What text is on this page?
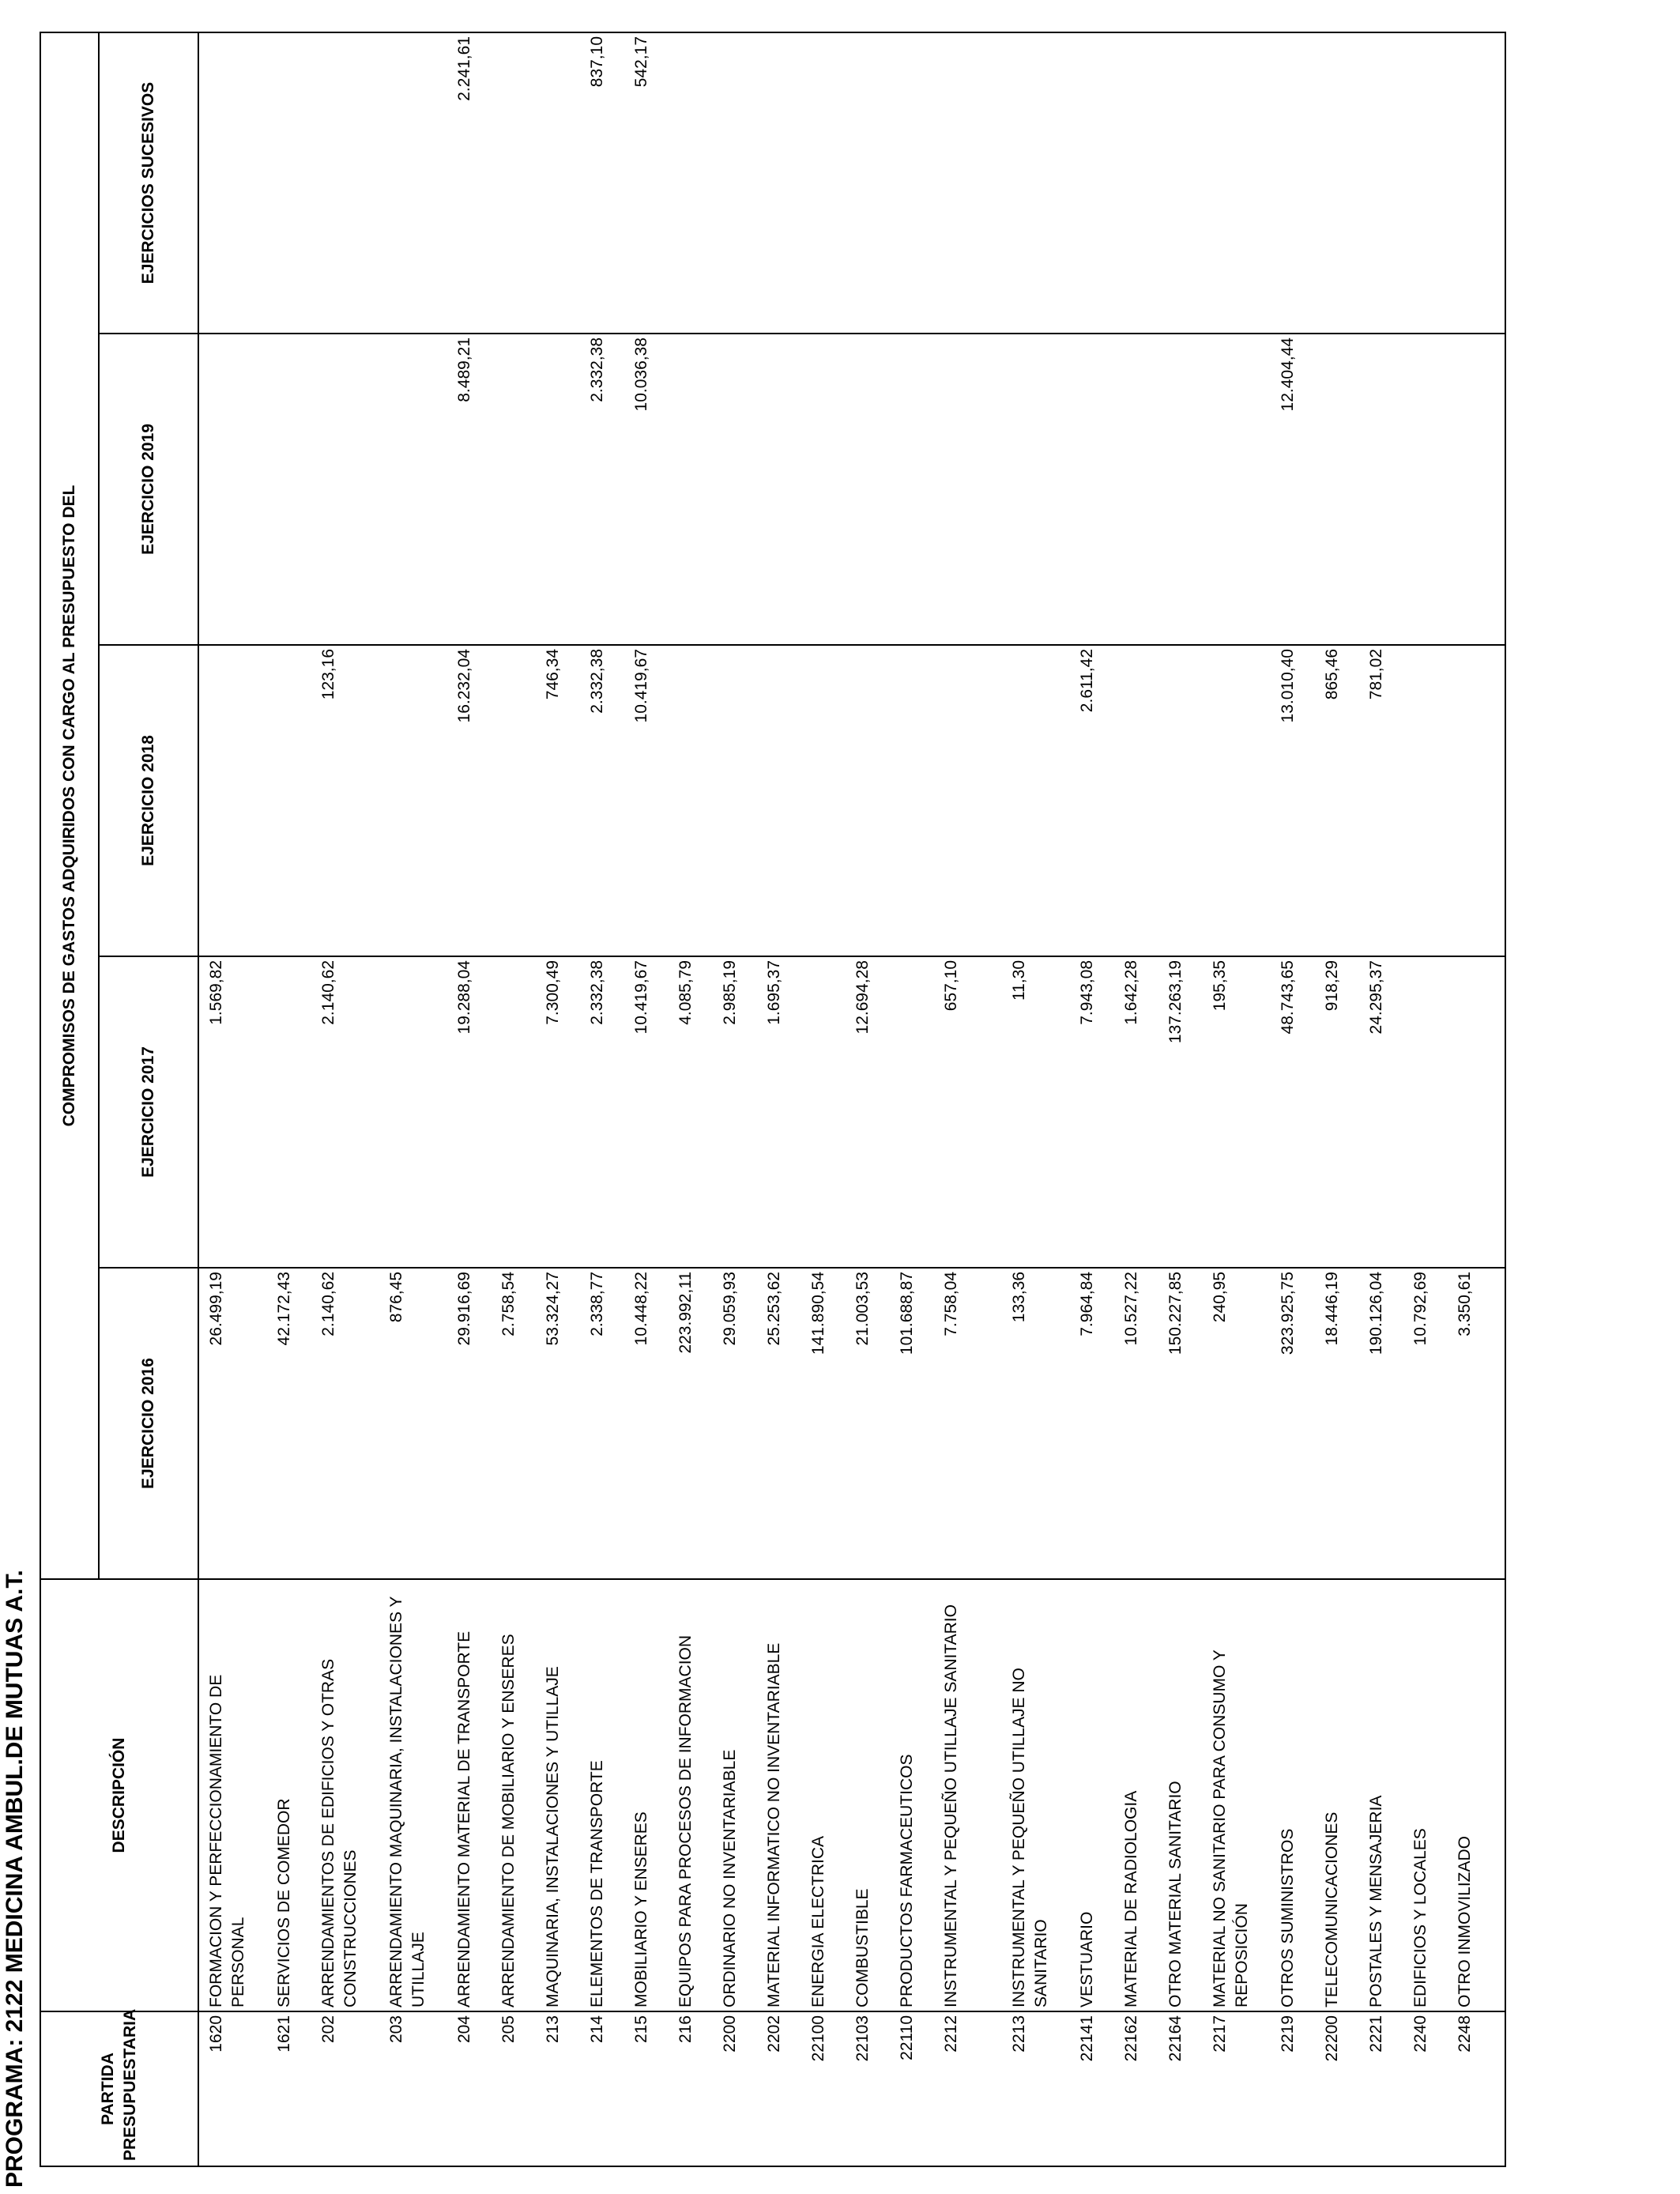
PROGRAMA: 2122 MEDICINA AMBUL.DE MUTUAS A.T.	PARTIDA PRESUPUESTARIA	DESCRIPCIÓN	COMPROMISOS DE GASTOS ADQUIRIDOS CON CARGO AL PRESUPUESTO DEL				
		EJERCICIO 2016	EJERCICIO 2017	EJERCICIO 2018	EJERCICIO 2019	EJERCICIOS SUCESIVOS
1620	FORMACION Y PERFECCIONAMIENTO DE PERSONAL	26.499,19	1.569,82			
1621	SERVICIOS DE COMEDOR	42.172,43				
202	ARRENDAMIENTOS DE EDIFICIOS Y OTRAS CONSTRUCCIONES	2.140,62	2.140,62	123,16		
203	ARRENDAMIENTO MAQUINARIA, INSTALACIONES Y UTILLAJE	876,45				
204	ARRENDAMIENTO MATERIAL DE TRANSPORTE	29.916,69	19.288,04	16.232,04	8.489,21	2.241,61
205	ARRENDAMIENTO DE MOBILIARIO Y ENSERES	2.758,54				
213	MAQUINARIA, INSTALACIONES Y UTILLAJE	53.324,27	7.300,49	746,34		
214	ELEMENTOS DE TRANSPORTE	2.338,77	2.332,38	2.332,38	2.332,38	837,10
215	MOBILIARIO Y ENSERES	10.448,22	10.419,67	10.419,67	10.036,38	542,17
216	EQUIPOS PARA PROCESOS DE INFORMACION	223.992,11	4.085,79			
2200	ORDINARIO NO INVENTARIABLE	29.059,93	2.985,19			
2202	MATERIAL INFORMATICO NO INVENTARIABLE	25.253,62	1.695,37			
22100	ENERGIA ELECTRICA	141.890,54				
22103	COMBUSTIBLE	21.003,53	12.694,28			
22110	PRODUCTOS FARMACEUTICOS	101.688,87				
2212	INSTRUMENTAL Y PEQUEÑO UTILLAJE SANITARIO	7.758,04	657,10			
2213	INSTRUMENTAL Y PEQUEÑO UTILLAJE NO SANITARIO	133,36	11,30			
22141	VESTUARIO	7.964,84	7.943,08	2.611,42		
22162	MATERIAL DE RADIOLOGIA	10.527,22	1.642,28			
22164	OTRO MATERIAL SANITARIO	150.227,85	137.263,19			
2217	MATERIAL NO SANITARIO PARA CONSUMO Y REPOSICIÓN	240,95	195,35			
2219	OTROS SUMINISTROS	323.925,75	48.743,65	13.010,40	12.404,44	
22200	TELECOMUNICACIONES	18.446,19	918,29	865,46		
2221	POSTALES Y MENSAJERIA	190.126,04	24.295,37	781,02		
2240	EDIFICIOS Y LOCALES	10.792,69				
2248	OTRO INMOVILIZADO	3.350,61				
